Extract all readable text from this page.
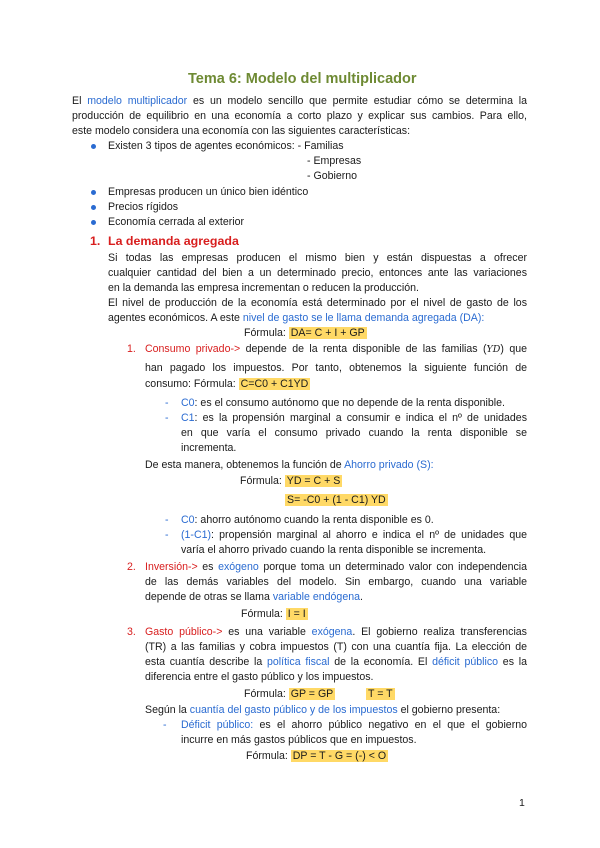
Tema 6: Modelo del multiplicador
El modelo multiplicador es un modelo sencillo que permite estudiar cómo se determina la
producción de equilibrio en una economía a corto plazo y explicar sus cambios. Para ello,
este modelo considera una economía con las siguientes características:
Existen 3 tipos de agentes económicos: - Familias
- Empresas
- Gobierno
Empresas producen un único bien idéntico
Precios rígidos
Economía cerrada al exterior
1. La demanda agregada
Si todas las empresas producen el mismo bien y están dispuestas a ofrecer
cualquier cantidad del bien a un determinado precio, entonces ante las variaciones
en la demanda las empresa incrementan o reducen la producción.
El nivel de producción de la economía está determinado por el nivel de gasto de los
agentes económicos. A este nivel de gasto se le llama demanda agregada (DA):
Fórmula: DA= C + I + GP
1. Consumo privado-> depende de la renta disponible de las familias (YD) que
han pagado los impuestos. Por tanto, obtenemos la siguiente función de
consumo: Fórmula: C=C0 + C1YD
- C0: es el consumo autónomo que no depende de la renta disponible.
- C1: es la propensión marginal a consumir e indica el nº de unidades
en que varía el consumo privado cuando la renta disponible se
incrementa.
De esta manera, obtenemos la función de Ahorro privado (S):
Fórmula: YD = C + S
S= -C0 + (1 - C1) YD
- C0: ahorro autónomo cuando la renta disponible es 0.
- (1-C1): propensión marginal al ahorro e indica el nº de unidades que
varía el ahorro privado cuando la renta disponible se incrementa.
2. Inversión-> es exógeno porque toma un determinado valor con independencia
de las demás variables del modelo. Sin embargo, cuando una variable
depende de otras se llama variable endógena.
Fórmula: I = I
3. Gasto público-> es una variable exógena. El gobierno realiza transferencias
(TR) a las familias y cobra impuestos (T) con una cuantía fija. La elección de
esta cuantía describe la política fiscal de la economía. El déficit público es la
diferencia entre el gasto público y los impuestos.
Fórmula: GP = GP	T = T
Según la cuantía del gasto público y de los impuestos el gobierno presenta:
- Déficit público: es el ahorro público negativo en el que el gobierno
incurre en más gastos públicos que en impuestos.
Fórmula: DP = T - G = (-) < O
1
